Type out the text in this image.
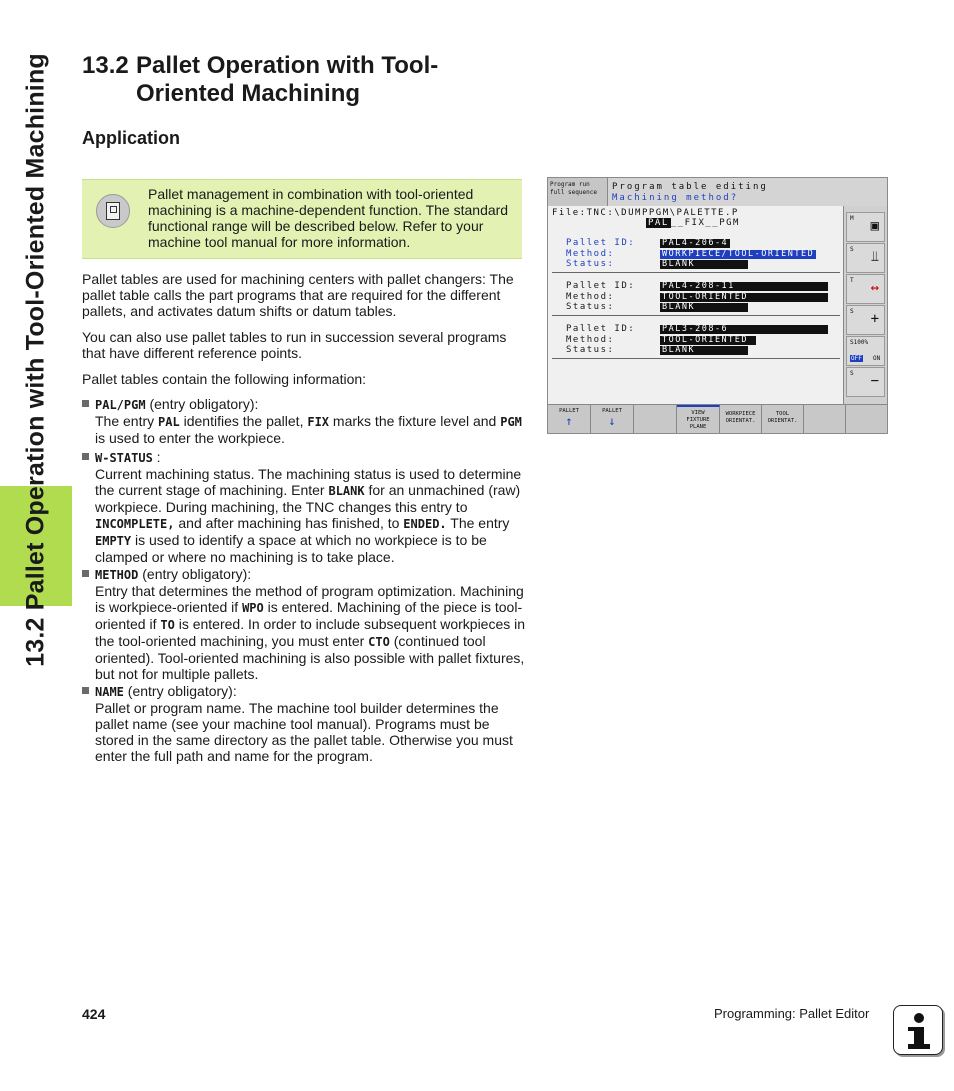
13.2 Pallet Operation with Tool-Oriented Machining 13.2 Pallet Operation with Tool-
Oriented Machining
Application
Pallet management in combination with tool-oriented machining is a machine-dependent function. The standard functional range will be described below. Refer to your machine tool manual for more information.
Pallet tables are used for machining centers with pallet changers: The pallet table calls the part programs that are required for the different pallets, and activates datum shifts or datum tables.
You can also use pallet tables to run in succession several programs that have different reference points.
Pallet tables contain the following information:
PAL/PGM (entry obligatory):
The entry PAL identifies the pallet, FIX marks the fixture level and PGM is used to enter the workpiece.
W-STATUS :
Current machining status. The machining status is used to determine the current stage of machining. Enter BLANK for an unmachined (raw) workpiece. During machining, the TNC changes this entry to INCOMPLETE, and after machining has finished, to ENDED. The entry EMPTY is used to identify a space at which no workpiece is to be clamped or where no machining is to take place.
METHOD (entry obligatory):
Entry that determines the method of program optimization. Machining is workpiece-oriented if WPO is entered. Machining of the piece is tool-oriented if TO is entered. In order to include subsequent workpieces in the tool-oriented machining, you must enter CTO (continued tool oriented). Tool-oriented machining is also possible with pallet fixtures, but not for multiple pallets.
NAME (entry obligatory):
Pallet or program name. The machine tool builder determines the pallet name (see your machine tool manual). Programs must be stored in the same directory as the pallet table. Otherwise you must enter the full path and name for the program.
Program run
full sequence
Program table editing
Machining method?
File:TNC:\DUMPPGM\PALETTE.P
PAL __FIX__PGM
Pallet ID:	PAL4-206-4
Method:	WORKPIECE/TOOL-ORIENTED
Status:	BLANK
Pallet ID:	PAL4-208-11
Method:	TOOL-ORIENTED
Status:	BLANK
Pallet ID:	PAL3-208-6
Method:	TOOL-ORIENTED
Status:	BLANK
M ▣
S ⫫
T ↔
S +
S100%
OFF ON
S −
PALLET
↑
PALLET
↓
VIEW
FIXTURE
PLANE
WORKPIECE
ORIENTAT.
TOOL
ORIENTAT.
424	Programming: Pallet Editor
